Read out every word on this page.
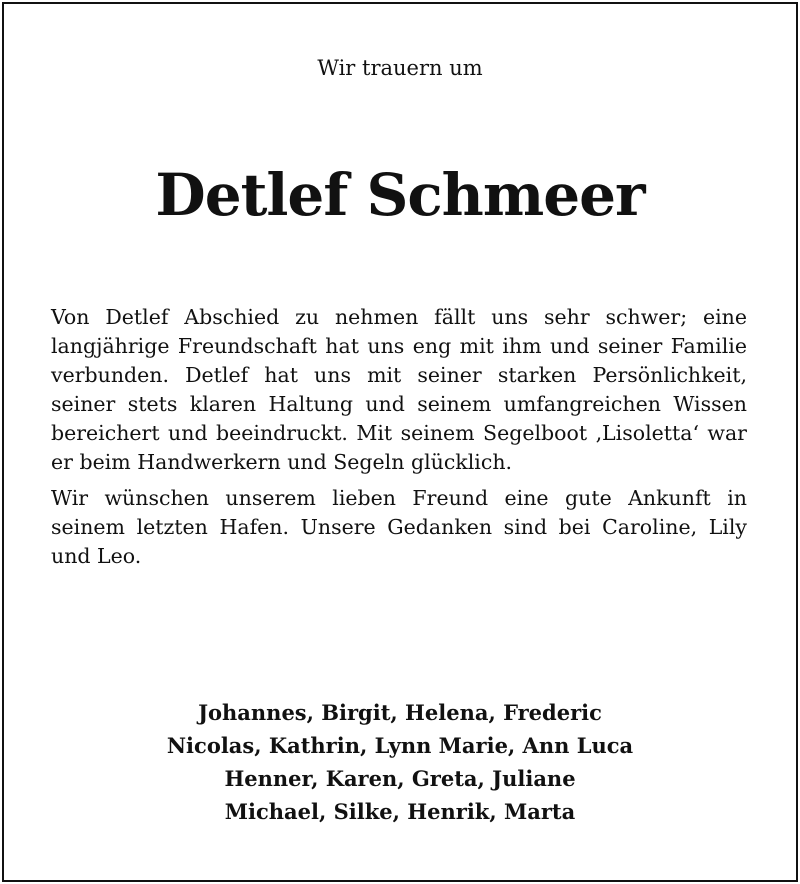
Wir trauern um
Detlef Schmeer

Von Detlef Abschied zu nehmen fällt uns sehr schwer; eine langjährige Freundschaft hat uns eng mit ihm und seiner Familie verbunden. Detlef hat uns mit seiner starken Persönlichkeit, seiner stets klaren Haltung und seinem umfangreichen Wissen bereichert und beeindruckt. Mit seinem Segelboot ‚Lisoletta‘ war er beim Handwerkern und Segeln glücklich.

Wir wünschen unserem lieben Freund eine gute Ankunft in seinem letzten Hafen. Unsere Gedanken sind bei Caroline, Lily und Leo.

Johannes, Birgit, Helena, Frederic
Nicolas, Kathrin, Lynn Marie, Ann Luca
Henner, Karen, Greta, Juliane
Michael, Silke, Henrik, Marta
